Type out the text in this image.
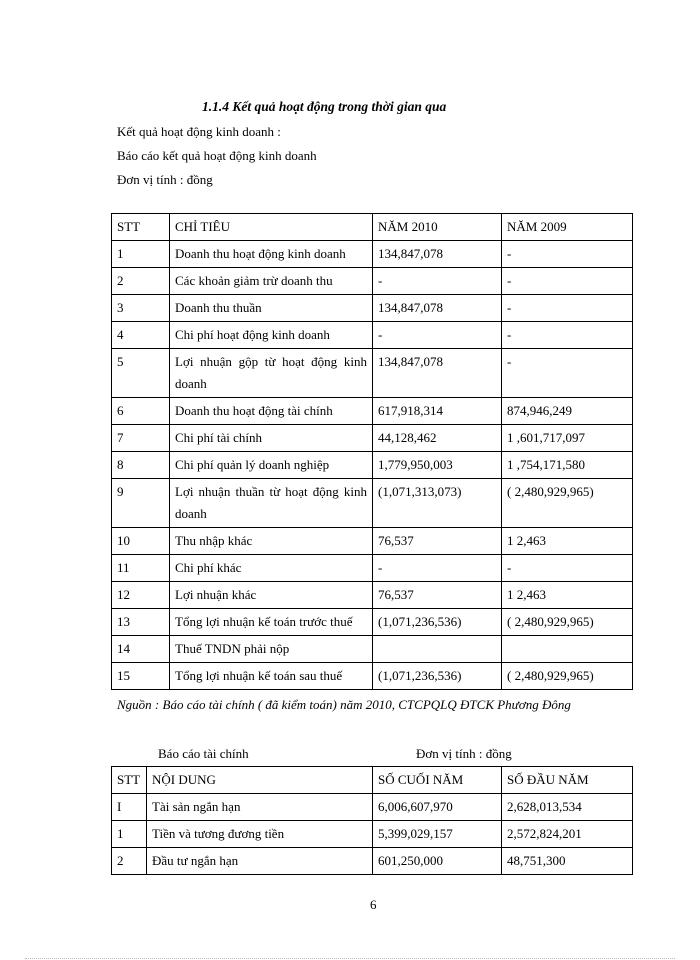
1.1.4 Kết quả hoạt động trong thời gian qua
Kết quả hoạt động kinh doanh :
Báo cáo kết quả hoạt động kinh doanh
Đơn vị tính : đồng
STT	CHỈ TIÊU	NĂM 2010	NĂM 2009
1	Doanh thu hoạt động kinh doanh	134,847,078	-
2	Các khoản giảm trừ doanh thu	-	-
3	Doanh thu thuần	134,847,078	-
4	Chi phí hoạt động kinh doanh	-	-
5	Lợi nhuận gộp từ hoạt động kinh doanh	134,847,078	-
6	Doanh thu hoạt động tài chính	617,918,314	874,946,249
7	Chi phí tài chính	44,128,462	1 ,601,717,097
8	Chi phí quản lý doanh nghiệp	1,779,950,003	1 ,754,171,580
9	Lợi nhuận thuần từ hoạt động kinh doanh	(1,071,313,073)	( 2,480,929,965)
10	Thu nhập khác	76,537	1 2,463
11	Chi phí khác	-	-
12	Lợi nhuận khác	76,537	1 2,463
13	Tổng lợi nhuận kế toán trước thuế	(1,071,236,536)	( 2,480,929,965)
14	Thuế TNDN phải nộp		
15	Tổng lợi nhuận kế toán sau thuế	(1,071,236,536)	( 2,480,929,965)
Nguồn : Báo cáo tài chính ( đã kiểm toán) năm 2010, CTCPQLQ ĐTCK Phương Đông
Báo cáo tài chính	Đơn vị tính : đồng
STT	NỘI DUNG	SỐ CUỐI NĂM	SỐ ĐẦU NĂM
I	Tài sản ngắn hạn	6,006,607,970	2,628,013,534
1	Tiền và tương đương tiền	5,399,029,157	2,572,824,201
2	Đầu tư ngắn hạn	601,250,000	48,751,300
6
